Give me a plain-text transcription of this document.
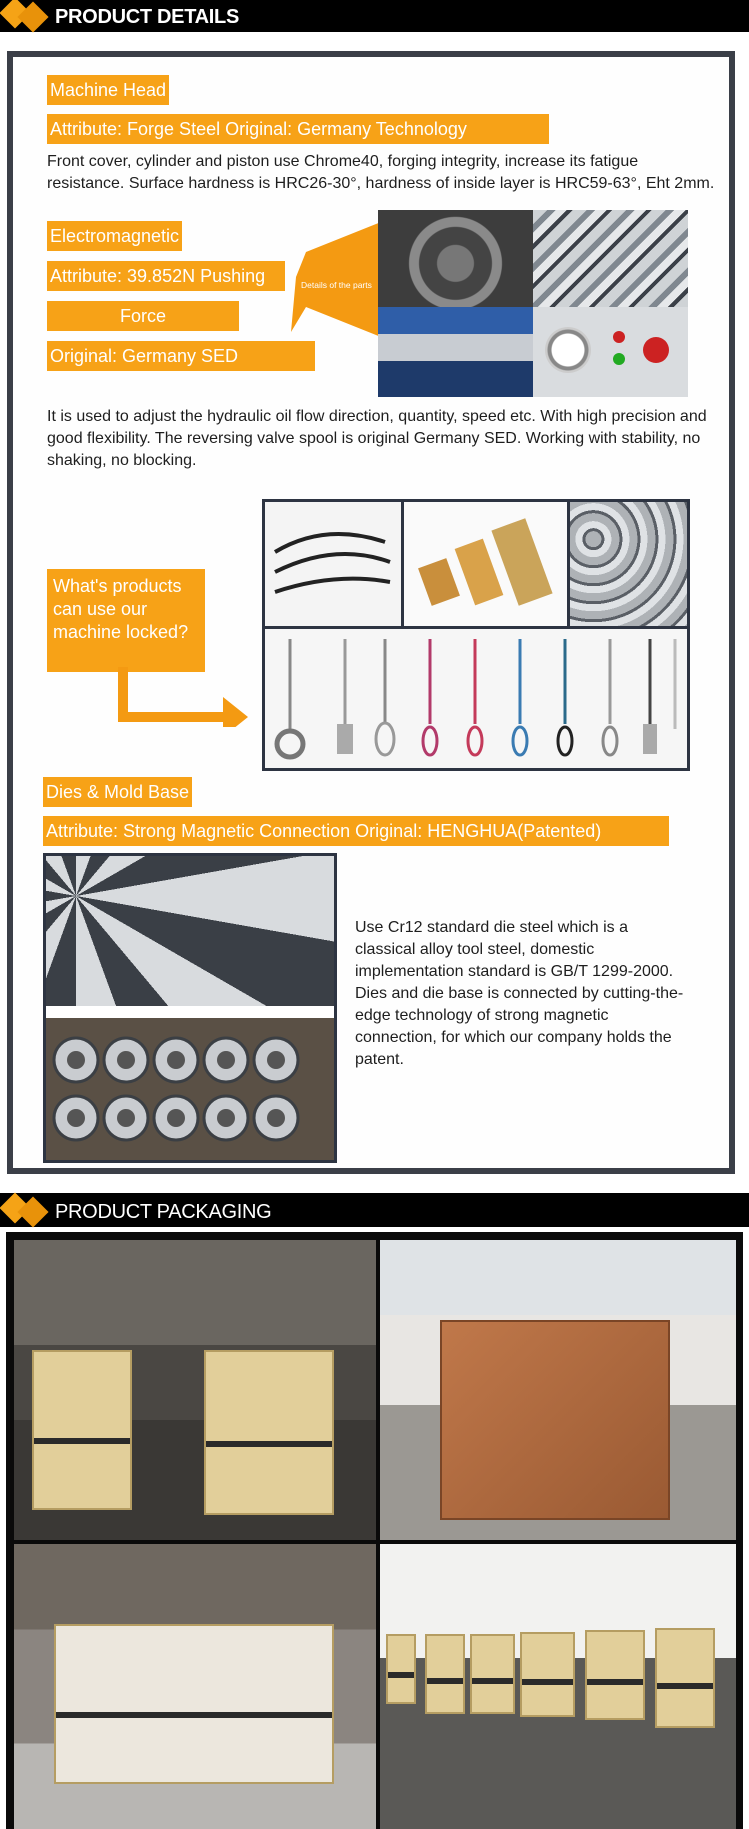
PRODUCT DETAILS
Machine Head
Attribute: Forge Steel Original: Germany Technology
Front cover, cylinder and piston use Chrome40, forging integrity, increase its fatigue resistance. Surface hardness is HRC26-30°, hardness of inside layer is HRC59-63°, Eht 2mm.
Electromagnetic
Attribute: 39.852N Pushing
Force
Original: Germany SED
Details of the parts
It is used to adjust the hydraulic oil flow direction, quantity, speed etc. With high precision and good flexibility. The reversing valve spool is original Germany SED. Working with stability, no shaking, no blocking.
What's products can use our machine locked?
Dies & Mold Base
Attribute: Strong Magnetic Connection Original: HENGHUA(Patented)
Use Cr12 standard die steel which is a classical alloy tool steel, domestic implementation standard is GB/T 1299-2000. Dies and die base is connected by cutting-the-edge technology of strong magnetic connection, for which our company holds the patent.
PRODUCT PACKAGING
